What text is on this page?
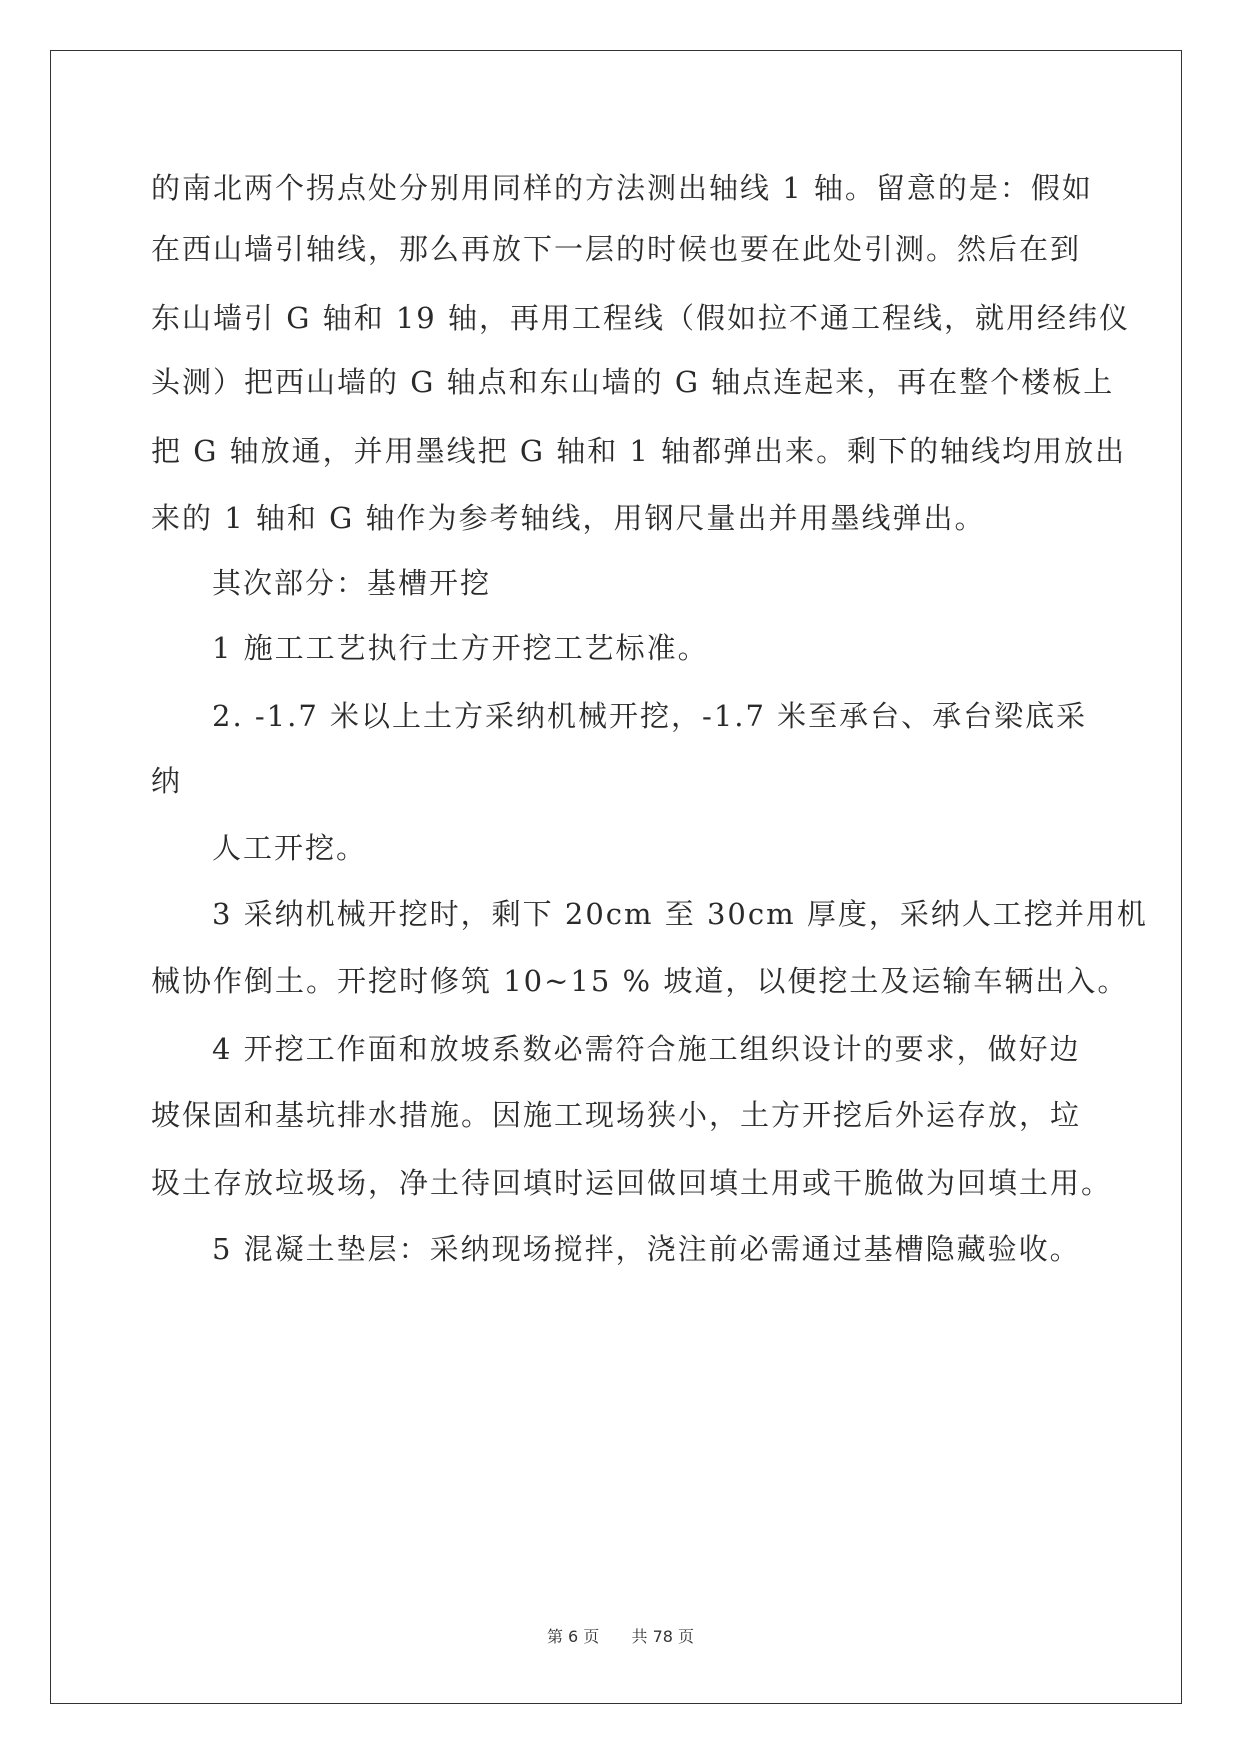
的南北两个拐点处分别用同样的方法测出轴线 1 轴。留意的是：假如
在西山墙引轴线，那么再放下一层的时候也要在此处引测。然后在到
东山墙引 G 轴和 19 轴，再用工程线（假如拉不通工程线，就用经纬仪
头测）把西山墙的 G 轴点和东山墙的 G 轴点连起来，再在整个楼板上
把 G 轴放通，并用墨线把 G 轴和 1 轴都弹出来。剩下的轴线均用放出
来的 1 轴和 G 轴作为参考轴线，用钢尺量出并用墨线弹出。
其次部分：基槽开挖
1 施工工艺执行土方开挖工艺标准。
2. -1.7 米以上土方采纳机械开挖，-1.7 米至承台、承台梁底采
纳
人工开挖。
3 采纳机械开挖时，剩下 20cm 至 30cm 厚度，采纳人工挖并用机
械协作倒土。开挖时修筑 10~15 % 坡道，以便挖土及运输车辆出入。
4 开挖工作面和放坡系数必需符合施工组织设计的要求，做好边
坡保固和基坑排水措施。因施工现场狭小，土方开挖后外运存放，垃
圾土存放垃圾场，净土待回填时运回做回填土用或干脆做为回填土用。
5 混凝土垫层：采纳现场搅拌，浇注前必需通过基槽隐藏验收。
第 6 页 共 78 页
